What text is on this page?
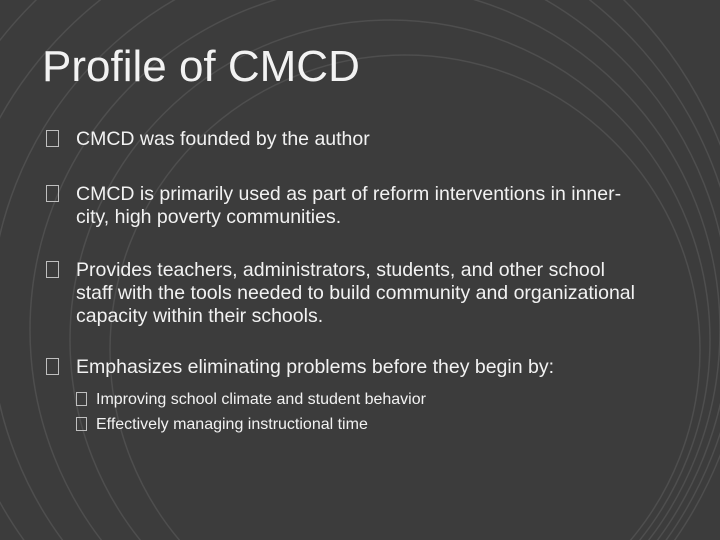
Profile of CMCD
CMCD was founded by the author
CMCD is primarily used as part of reform interventions in inner-city, high poverty communities.
Provides teachers, administrators, students, and other school staff with the tools needed to build community and organizational capacity within their schools.
Emphasizes eliminating problems before they begin by:
Improving school climate and student behavior
Effectively managing instructional time
